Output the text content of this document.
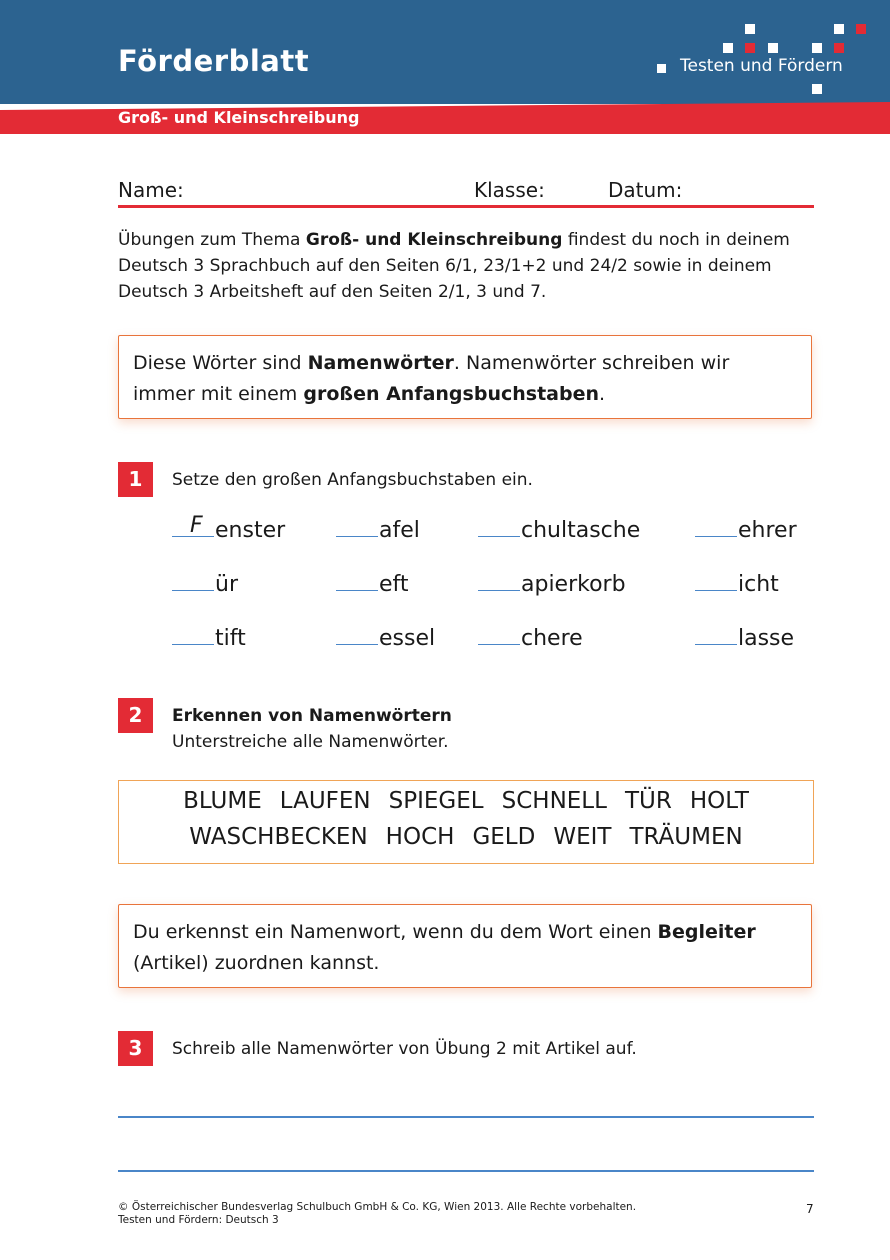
Förderblatt	Testen und Fördern
Groß- und Kleinschreibung
Name:	Klasse:	Datum:
Übungen zum Thema Groß- und Kleinschreibung findest du noch in deinem Deutsch 3 Sprachbuch auf den Seiten 6/1, 23/1+2 und 24/2 sowie in deinem Deutsch 3 Arbeitsheft auf den Seiten 2/1, 3 und 7.
Diese Wörter sind Namenwörter. Namenwörter schreiben wir immer mit einem großen Anfangsbuchstaben.
1	Setze den großen Anfangsbuchstaben ein.
F enster	afel	chultasche	ehrer
ür	eft	apierkorb	icht
tift	essel	chere	lasse
2	Erkennen von Namenwörtern
Unterstreiche alle Namenwörter.
BLUME LAUFEN SPIEGEL SCHNELL TÜR HOLT
WASCHBECKEN HOCH GELD WEIT TRÄUMEN
Du erkennst ein Namenwort, wenn du dem Wort einen Begleiter (Artikel) zuordnen kannst.
3	Schreib alle Namenwörter von Übung 2 mit Artikel auf.
© Österreichischer Bundesverlag Schulbuch GmbH & Co. KG, Wien 2013. Alle Rechte vorbehalten.
Testen und Fördern: Deutsch 3
7
